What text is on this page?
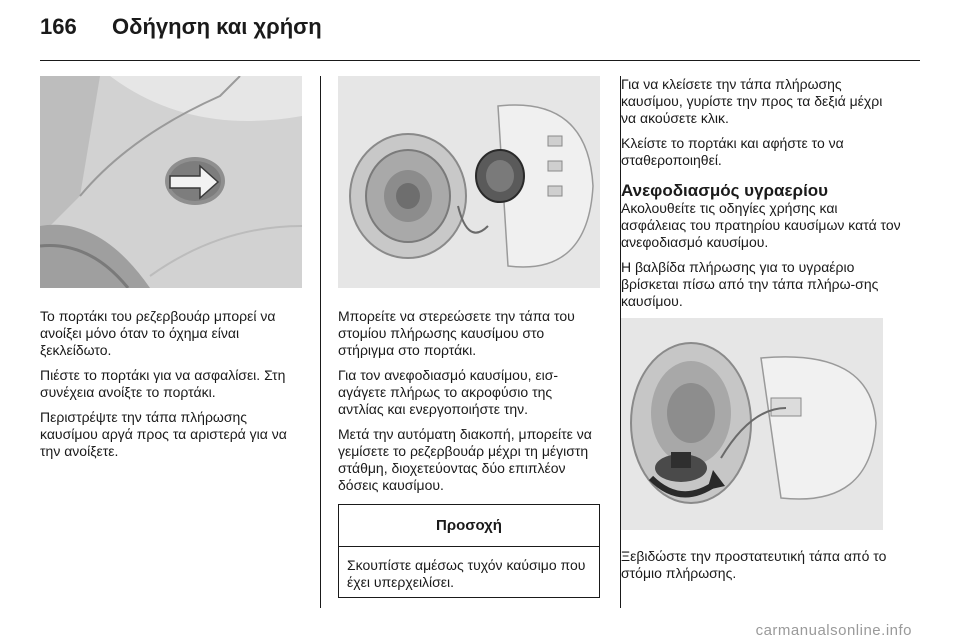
166	Οδήγηση και χρήση

Το πορτάκι του ρεζερβουάρ μπορεί να ανοίξει μόνο όταν το όχημα είναι ξεκλείδωτο.

Πιέστε το πορτάκι για να ασφαλίσει. Στη συνέχεια ανοίξτε το πορτάκι.

Περιστρέψτε την τάπα πλήρωσης καυσίμου αργά προς τα αριστερά για να την ανοίξετε.

Μπορείτε να στερεώσετε την τάπα του στομίου πλήρωσης καυσίμου στο στήριγμα στο πορτάκι.

Για τον ανεφοδιασμό καυσίμου, εισ-αγάγετε πλήρως το ακροφύσιο της αντλίας και ενεργοποιήστε την.

Μετά την αυτόματη διακοπή, μπορείτε να γεμίσετε το ρεζερβουάρ μέχρι τη μέγιστη στάθμη, διοχετεύοντας δύο επιπλέον δόσεις καυσίμου.

Προσοχή
Σκουπίστε αμέσως τυχόν καύσιμο που έχει υπερχειλίσει.

Για να κλείσετε την τάπα πλήρωσης καυσίμου, γυρίστε την προς τα δεξιά μέχρι να ακούσετε κλικ.

Κλείστε το πορτάκι και αφήστε το να σταθεροποιηθεί.

Ανεφοδιασμός υγραερίου

Ακολουθείτε τις οδηγίες χρήσης και ασφάλειας του πρατηρίου καυσίμων κατά τον ανεφοδιασμό καυσίμου.

Η βαλβίδα πλήρωσης για το υγραέριο βρίσκεται πίσω από την τάπα πλήρω-σης καυσίμου.

Ξεβιδώστε την προστατευτική τάπα από το στόμιο πλήρωσης.

carmanualsonline.info
